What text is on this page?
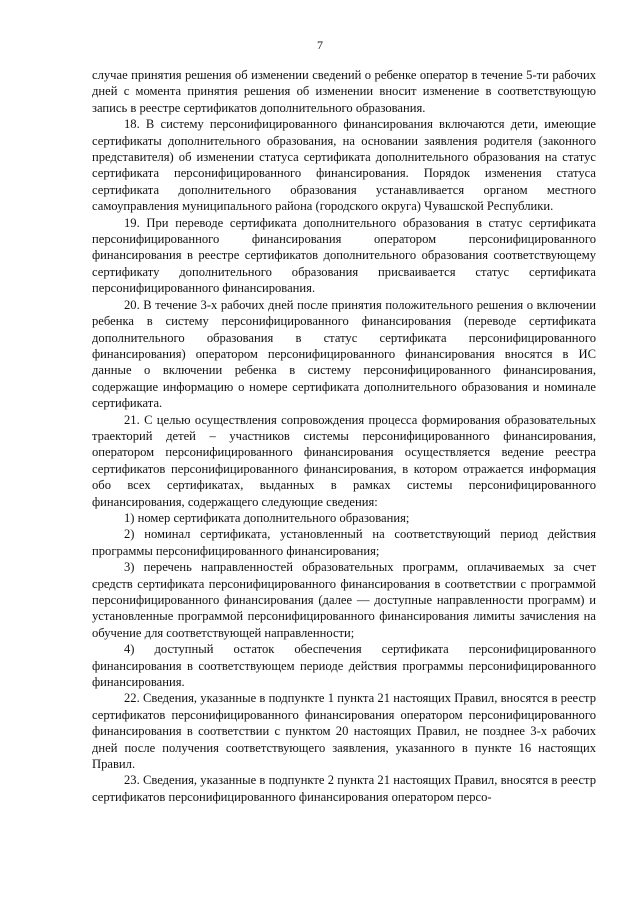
7

случае принятия решения об изменении сведений о ребенке оператор в течение 5-ти рабочих дней с момента принятия решения об изменении вносит изменение в соответствующую запись в реестре сертификатов дополнительного образования.

18. В систему персонифицированного финансирования включаются дети, имеющие сертификаты дополнительного образования, на основании заявления родителя (законного представителя) об изменении статуса сертификата дополнительного образования на статус сертификата персонифицированного финансирования. Порядок изменения статуса сертификата дополнительного образования устанавливается органом местного самоуправления муниципального района (городского округа) Чувашской Республики.

19. При переводе сертификата дополнительного образования в статус сертификата персонифицированного финансирования оператором персонифицированного финансирования в реестре сертификатов дополнительного образования соответствующему сертификату дополнительного образования присваивается статус сертификата персонифицированного финансирования.

20. В течение 3-х рабочих дней после принятия положительного решения о включении ребенка в систему персонифицированного финансирования (переводе сертификата дополнительного образования в статус сертификата персонифицированного финансирования) оператором персонифицированного финансирования вносятся в ИС данные о включении ребенка в систему персонифицированного финансирования, содержащие информацию о номере сертификата дополнительного образования и номинале сертификата.

21. С целью осуществления сопровождения процесса формирования образовательных траекторий детей – участников системы персонифицированного финансирования, оператором персонифицированного финансирования осуществляется ведение реестра сертификатов персонифицированного финансирования, в котором отражается информация обо всех сертификатах, выданных в рамках системы персонифицированного финансирования, содержащего следующие сведения:

1) номер сертификата дополнительного образования;

2) номинал сертификата, установленный на соответствующий период действия программы персонифицированного финансирования;

3) перечень направленностей образовательных программ, оплачиваемых за счет средств сертификата персонифицированного финансирования в соответствии с программой персонифицированного финансирования (далее — доступные направленности программ) и установленные программой персонифицированного финансирования лимиты зачисления на обучение для соответствующей направленности;

4) доступный остаток обеспечения сертификата персонифицированного финансирования в соответствующем периоде действия программы персонифицированного финансирования.

22. Сведения, указанные в подпункте 1 пункта 21 настоящих Правил, вносятся в реестр сертификатов персонифицированного финансирования оператором персонифицированного финансирования в соответствии с пунктом 20 настоящих Правил, не позднее 3-х рабочих дней после получения соответствующего заявления, указанного в пункте 16 настоящих Правил.

23. Сведения, указанные в подпункте 2 пункта 21 настоящих Правил, вносятся в реестр сертификатов персонифицированного финансирования оператором персо-
